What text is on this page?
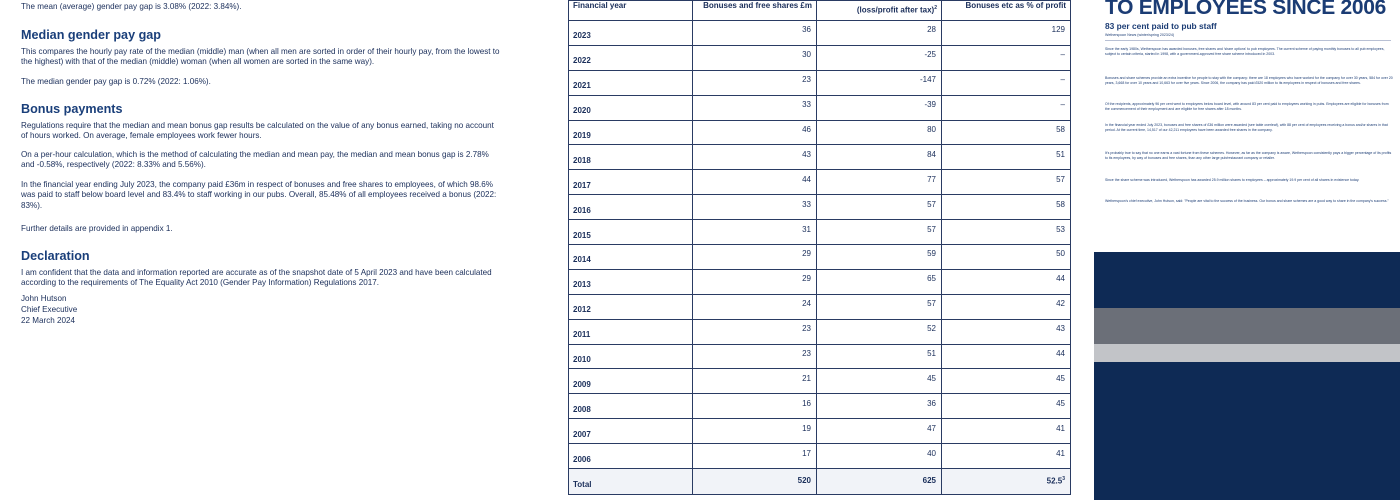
The mean (average) gender pay gap is 3.08% (2022: 3.84%).
Median gender pay gap
This compares the hourly pay rate of the median (middle) man (when all men are sorted in order of their hourly pay, from the lowest to the highest) with that of the median (middle) woman (when all women are sorted in the same way).
The median gender pay gap is 0.72% (2022: 1.06%).
Bonus payments
Regulations require that the median and mean bonus gap results be calculated on the value of any bonus earned, taking no account of hours worked. On average, female employees work fewer hours.
On a per-hour calculation, which is the method of calculating the median and mean pay, the median and mean bonus gap is 2.78% and -0.58%, respectively (2022: 8.33% and 5.56%).
In the financial year ending July 2023, the company paid £36m in respect of bonuses and free shares to employees, of which 98.6% was paid to staff below board level and 83.4% to staff working in our pubs. Overall, 85.48% of all employees received a bonus (2022: 83%).
Further details are provided in appendix 1.
Declaration
I am confident that the data and information reported are accurate as of the snapshot date of 5 April 2023 and have been calculated according to the requirements of The Equality Act 2010 (Gender Pay Information) Regulations 2017.
John Hutson
Chief Executive
22 March 2024
Financial year	Bonuses and free shares £m	(loss/profit after tax)$^2$	Bonuses etc as % of profit
2023	36	28	129
2022	30	-25	–
2021	23	-147	–
2020	33	-39	–
2019	46	80	58
2018	43	84	51
2017	44	77	57
2016	33	57	58
2015	31	57	53
2014	29	59	50
2013	29	65	44
2012	24	57	42
2011	23	52	43
2010	23	51	44
2009	21	45	45
2008	16	36	45
2007	19	47	41
2006	17	40	41
Total	520	625	52.5$^3$
TO EMPLOYEES SINCE 2006
83 per cent paid to pub staff
Wetherspoon News (winter/spring 2023/24)
Since the early 1980s, Wetherspoon has awarded bonuses, free shares and 'share options' to pub employees. The current scheme of paying monthly bonuses to all pub employees, subject to certain criteria, started in 1998, with a government-approved free share scheme introduced in 2003.
Bonuses and share schemes provide an extra incentive for people to stay with the company: there are 18 employees who have worked for the company for over 30 years, 584 for over 20 years, 3,668 for over 10 years and 10,663 for over five years. Since 2006, the company has paid £520 million to its employees in respect of bonuses and free shares.
Of the recipients, approximately 96 per cent went to employees below board level, with around 83 per cent paid to employees working in pubs. Employees are eligible for bonuses from the commencement of their employment and are eligible for free shares after 18 months.
In the financial year ended July 2023, bonuses and free shares of £36 million were awarded (see table overleaf), with 88 per cent of employees receiving a bonus and/or shares in that period. At the current time, 14,517 of our 42,211 employees have been awarded free shares in the company.
It's probably true to say that no one earns a vast fortune from these schemes. However, as far as the company is aware, Wetherspoon consistently pays a bigger percentage of its profits to its employees, by way of bonuses and free shares, than any other large pub/restaurant company or retailer.
Since the share scheme was introduced, Wetherspoon has awarded 25.9 million shares to employees – approximately 19.9 per cent of all shares in existence today.
Wetherspoon's chief executive, John Hutson, said: "People are vital to the success of the business. Our bonus and share schemes are a good way to share in the company's success."
